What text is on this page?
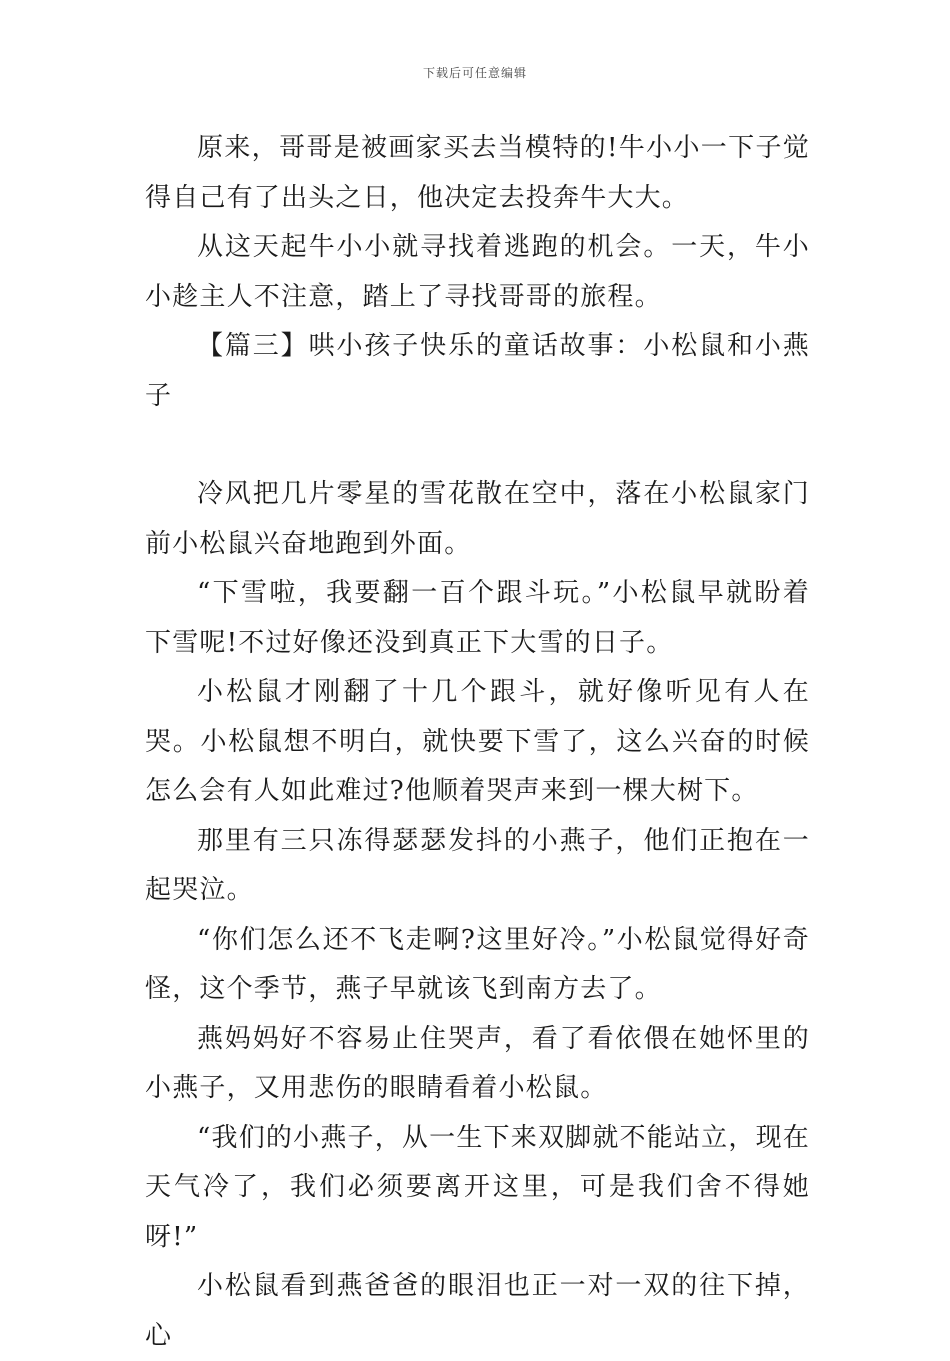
下载后可任意编辑

原来，哥哥是被画家买去当模特的!牛小小一下子觉得自己有了出头之日，他决定去投奔牛大大。

从这天起牛小小就寻找着逃跑的机会。一天，牛小小趁主人不注意，踏上了寻找哥哥的旅程。

【篇三】哄小孩子快乐的童话故事：小松鼠和小燕子

冷风把几片零星的雪花散在空中，落在小松鼠家门前小松鼠兴奋地跑到外面。

“下雪啦，我要翻一百个跟斗玩。”小松鼠早就盼着下雪呢!不过好像还没到真正下大雪的日子。

小松鼠才刚翻了十几个跟斗，就好像听见有人在哭。小松鼠想不明白，就快要下雪了，这么兴奋的时候怎么会有人如此难过?他顺着哭声来到一棵大树下。

那里有三只冻得瑟瑟发抖的小燕子，他们正抱在一起哭泣。

“你们怎么还不飞走啊?这里好冷。”小松鼠觉得好奇怪，这个季节，燕子早就该飞到南方去了。

燕妈妈好不容易止住哭声，看了看依偎在她怀里的小燕子，又用悲伤的眼睛看着小松鼠。

“我们的小燕子，从一生下来双脚就不能站立，现在天气冷了，我们必须要离开这里，可是我们舍不得她呀!”

小松鼠看到燕爸爸的眼泪也正一对一双的往下掉，心
